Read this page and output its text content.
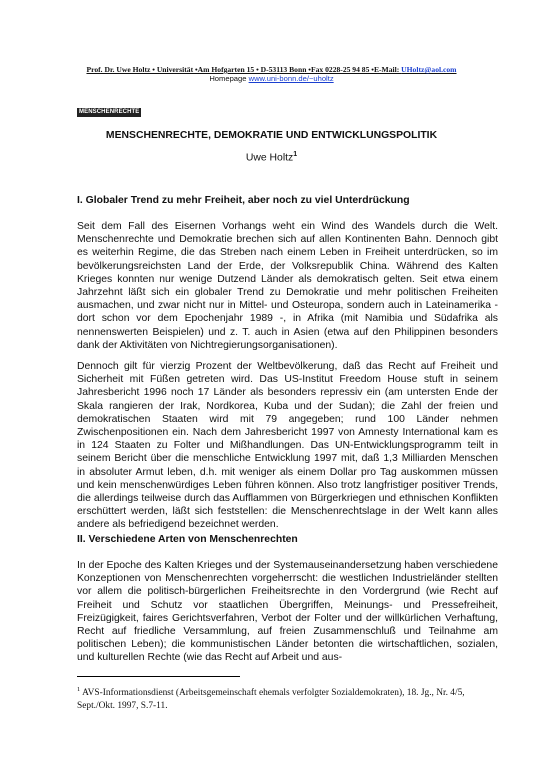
Prof. Dr. Uwe Holtz • Universität •Am Hofgarten 15 • D-53113 Bonn •Fax 0228-25 94 85 •E-Mail: UHoltz@aol.com
Homepage www.uni-bonn.de/~uholtz
MENSCHENRECHTE
MENSCHENRECHTE, DEMOKRATIE UND ENTWICKLUNGSPOLITIK
Uwe Holtz$^1$
I. Globaler Trend zu mehr Freiheit, aber noch zu viel Unterdrückung

Seit dem Fall des Eisernen Vorhangs weht ein Wind des Wandels durch die Welt. Menschenrechte und Demokratie brechen sich auf allen Kontinenten Bahn. Dennoch gibt es weiterhin Regime, die das Streben nach einem Leben in Freiheit unterdrücken, so im bevölkerungsreichsten Land der Erde, der Volksrepublik China. Während des Kalten Krieges konnten nur wenige Dutzend Länder als demokratisch gelten. Seit etwa einem Jahrzehnt läßt sich ein globaler Trend zu Demokratie und mehr politischen Freiheiten ausmachen, und zwar nicht nur in Mittel- und Osteuropa, sondern auch in Lateinamerika - dort schon vor dem Epochenjahr 1989 -, in Afrika (mit Namibia und Südafrika als nennenswerten Beispielen) und z. T. auch in Asien (etwa auf den Philippinen besonders dank der Aktivitäten von Nichtregierungsorganisationen).

Dennoch gilt für vierzig Prozent der Weltbevölkerung, daß das Recht auf Freiheit und Sicherheit mit Füßen getreten wird. Das US-Institut Freedom House stuft in seinem Jahresbericht 1996 noch 17 Länder als besonders repressiv ein (am untersten Ende der Skala rangieren der Irak, Nordkorea, Kuba und der Sudan); die Zahl der freien und demokratischen Staaten wird mit 79 angegeben; rund 100 Länder nehmen Zwischenpositionen ein. Nach dem Jahresbericht 1997 von Amnesty International kam es in 124 Staaten zu Folter und Mißhandlungen. Das UN-Entwicklungsprogramm teilt in seinem Bericht über die menschliche Entwicklung 1997 mit, daß 1,3 Milliarden Menschen in absoluter Armut leben, d.h. mit weniger als einem Dollar pro Tag auskommen müssen und kein menschenwürdiges Leben führen können. Also trotz langfristiger positiver Trends, die allerdings teilweise durch das Aufflammen von Bürgerkriegen und ethnischen Konflikten erschüttert werden, läßt sich feststellen: die Menschenrechtslage in der Welt kann alles andere als befriedigend bezeichnet werden.

II. Verschiedene Arten von Menschenrechten

In der Epoche des Kalten Krieges und der Systemauseinandersetzung haben verschiedene Konzeptionen von Menschenrechten vorgeherrscht: die westlichen Industrieländer stellten vor allem die politisch-bürgerlichen Freiheitsrechte in den Vordergrund (wie Recht auf Freiheit und Schutz vor staatlichen Übergriffen, Meinungs- und Pressefreiheit, Freizügigkeit, faires Gerichtsverfahren, Verbot der Folter und der willkürlichen Verhaftung, Recht auf friedliche Versammlung, auf freien Zusammenschluß und Teilnahme am politischen Leben); die kommunistischen Länder betonten die wirtschaftlichen, sozialen, und kulturellen Rechte (wie das Recht auf Arbeit und aus-

$^1$ AVS-Informationsdienst (Arbeitsgemeinschaft ehemals verfolgter Sozialdemokraten), 18. Jg., Nr. 4/5, Sept./Okt. 1997, S.7-11.
